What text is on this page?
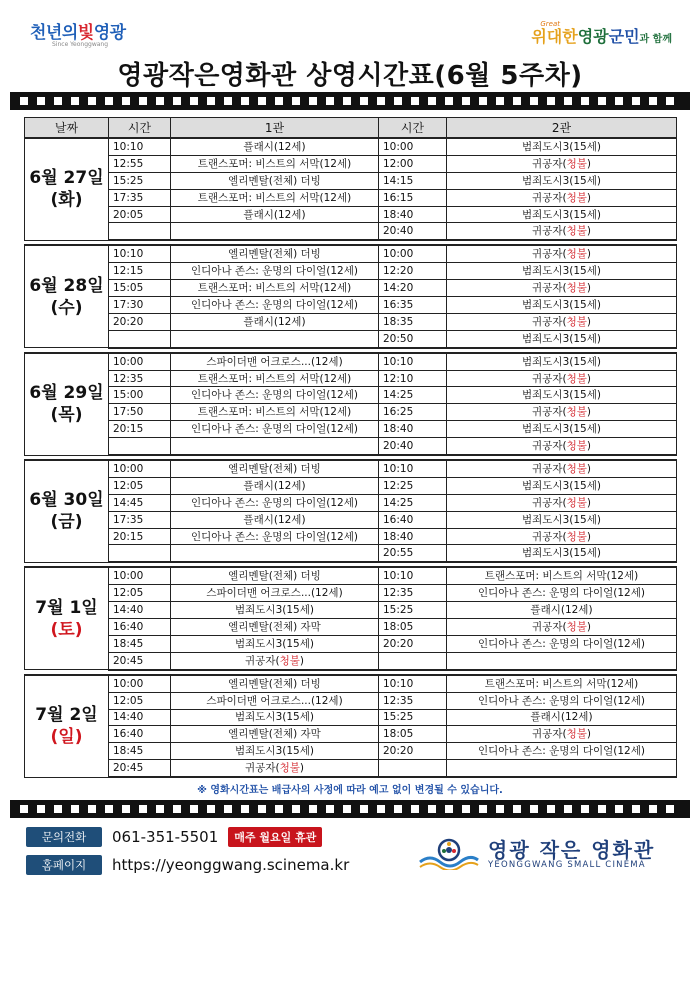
천년의빛영광
Since Yeonggwang
Great
위대한영광군민과 함께
영광작은영화관 상영시간표(6월 5주차)
날짜	시간	1관	시간	2관

6월 27일
(화)	10:10	플래시(12세)	10:00	범죄도시3(15세)
	12:55	트랜스포머: 비스트의 서막(12세)	12:00	귀공자(청불)
	15:25	엘리멘탈(전체) 더빙	14:15	범죄도시3(15세)
	17:35	트랜스포머: 비스트의 서막(12세)	16:15	귀공자(청불)
	20:05	플래시(12세)	18:40	범죄도시3(15세)
			20:40	귀공자(청불)

6월 28일
(수)	10:10	엘리멘탈(전체) 더빙	10:00	귀공자(청불)
	12:15	인디아나 존스: 운명의 다이얼(12세)	12:20	범죄도시3(15세)
	15:05	트랜스포머: 비스트의 서막(12세)	14:20	귀공자(청불)
	17:30	인디아나 존스: 운명의 다이얼(12세)	16:35	범죄도시3(15세)
	20:20	플래시(12세)	18:35	귀공자(청불)
			20:50	범죄도시3(15세)

6월 29일
(목)	10:00	스파이더맨 어크로스...(12세)	10:10	범죄도시3(15세)
	12:35	트랜스포머: 비스트의 서막(12세)	12:10	귀공자(청불)
	15:00	인디아나 존스: 운명의 다이얼(12세)	14:25	범죄도시3(15세)
	17:50	트랜스포머: 비스트의 서막(12세)	16:25	귀공자(청불)
	20:15	인디아나 존스: 운명의 다이얼(12세)	18:40	범죄도시3(15세)
			20:40	귀공자(청불)

6월 30일
(금)	10:00	엘리멘탈(전체) 더빙	10:10	귀공자(청불)
	12:05	플래시(12세)	12:25	범죄도시3(15세)
	14:45	인디아나 존스: 운명의 다이얼(12세)	14:25	귀공자(청불)
	17:35	플래시(12세)	16:40	범죄도시3(15세)
	20:15	인디아나 존스: 운명의 다이얼(12세)	18:40	귀공자(청불)
			20:55	범죄도시3(15세)

7월 1일
(토)	10:00	엘리멘탈(전체) 더빙	10:10	트랜스포머: 비스트의 서막(12세)
	12:05	스파이더맨 어크로스...(12세)	12:35	인디아나 존스: 운명의 다이얼(12세)
	14:40	범죄도시3(15세)	15:25	플래시(12세)
	16:40	엘리멘탈(전체) 자막	18:05	귀공자(청불)
	18:45	범죄도시3(15세)	20:20	인디아나 존스: 운명의 다이얼(12세)
	20:45	귀공자(청불)		

7월 2일
(일)	10:00	엘리멘탈(전체) 더빙	10:10	트랜스포머: 비스트의 서막(12세)
	12:05	스파이더맨 어크로스...(12세)	12:35	인디아나 존스: 운명의 다이얼(12세)
	14:40	범죄도시3(15세)	15:25	플래시(12세)
	16:40	엘리멘탈(전체) 자막	18:05	귀공자(청불)
	18:45	범죄도시3(15세)	20:20	인디아나 존스: 운명의 다이얼(12세)
	20:45	귀공자(청불)		
※ 영화시간표는 배급사의 사정에 따라 예고 없이 변경될 수 있습니다.
문의전화	061-351-5501	매주 월요일 휴관
홈페이지	https://yeonggwang.scinema.kr
영광 작은 영화관
YEONGGWANG SMALL CINEMA
